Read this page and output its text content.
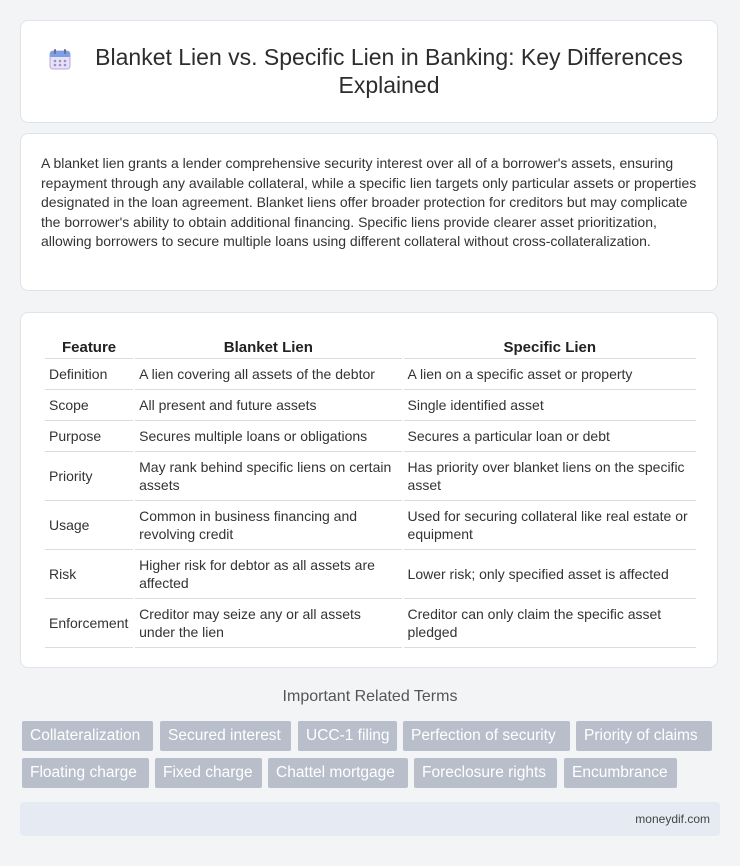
Blanket Lien vs. Specific Lien in Banking: Key Differences Explained

A blanket lien grants a lender comprehensive security interest over all of a borrower's assets, ensuring repayment through any available collateral, while a specific lien targets only particular assets or properties designated in the loan agreement. Blanket liens offer broader protection for creditors but may complicate the borrower's ability to obtain additional financing. Specific liens provide clearer asset prioritization, allowing borrowers to secure multiple loans using different collateral without cross-collateralization.

Feature	Blanket Lien	Specific Lien
Definition	A lien covering all assets of the debtor	A lien on a specific asset or property
Scope	All present and future assets	Single identified asset
Purpose	Secures multiple loans or obligations	Secures a particular loan or debt
Priority	May rank behind specific liens on certain assets	Has priority over blanket liens on the specific asset
Usage	Common in business financing and revolving credit	Used for securing collateral like real estate or equipment
Risk	Higher risk for debtor as all assets are affected	Lower risk; only specified asset is affected
Enforcement	Creditor may seize any or all assets under the lien	Creditor can only claim the specific asset pledged
Important Related Terms
Collateralization	Secured interest	UCC-1 filing	Perfection of security	Priority of claims
Floating charge	Fixed charge	Chattel mortgage	Foreclosure rights	Encumbrance
moneydif.com
